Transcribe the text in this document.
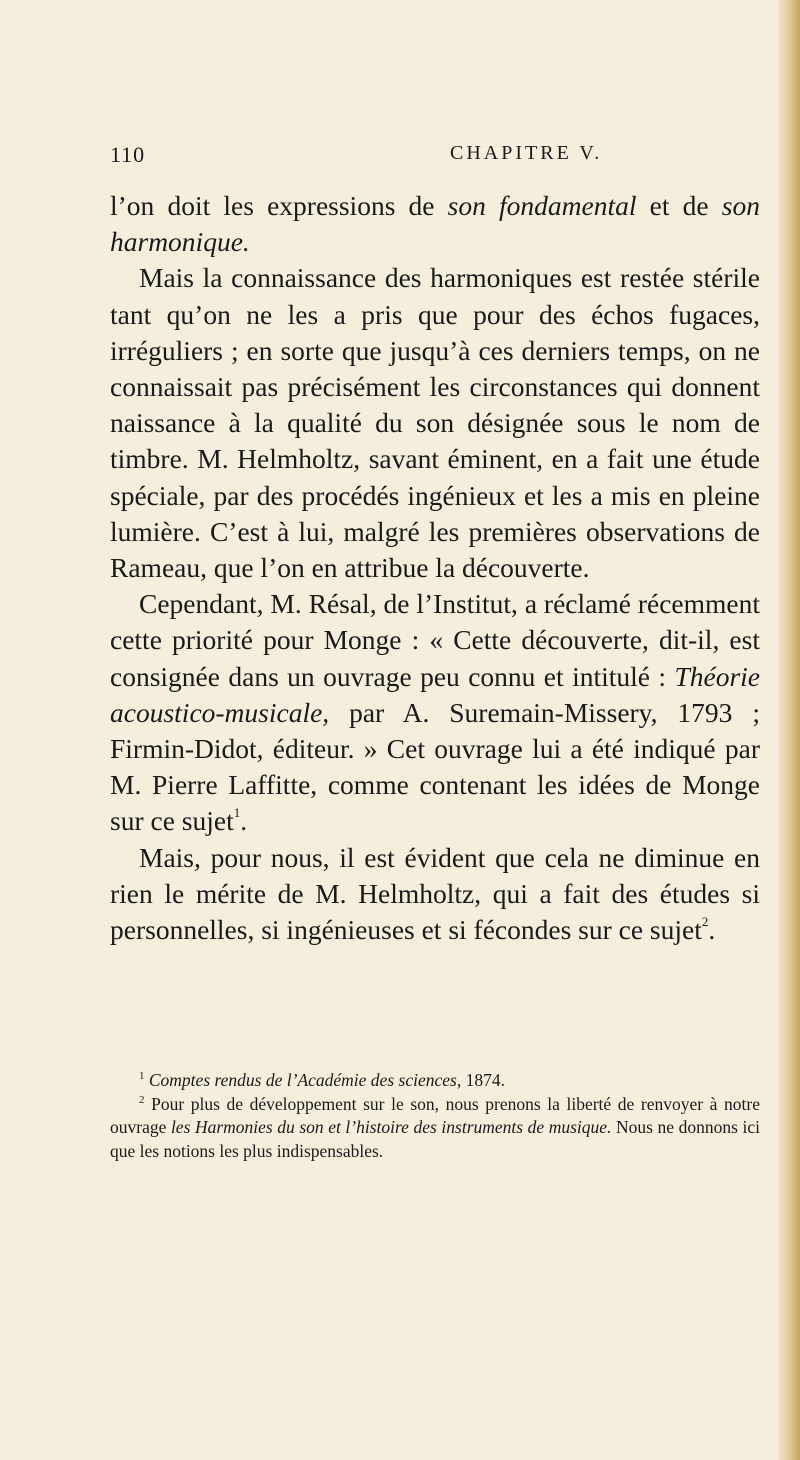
110	CHAPITRE V.

l’on doit les expressions de son fondamental et de son harmonique.

Mais la connaissance des harmoniques est restée stérile tant qu’on ne les a pris que pour des échos fugaces, irréguliers ; en sorte que jusqu’à ces derniers temps, on ne connaissait pas précisément les circonstances qui donnent naissance à la qualité du son désignée sous le nom de timbre. M. Helmholtz, savant éminent, en a fait une étude spéciale, par des procédés ingénieux et les a mis en pleine lumière. C’est à lui, malgré les premières observations de Rameau, que l’on en attribue la découverte.

Cependant, M. Résal, de l’Institut, a réclamé récemment cette priorité pour Monge : « Cette découverte, dit-il, est consignée dans un ouvrage peu connu et intitulé : Théorie acoustico-musicale, par A. Suremain-Missery, 1793 ; Firmin-Didot, éditeur. » Cet ouvrage lui a été indiqué par M. Pierre Laffitte, comme contenant les idées de Monge sur ce sujet$^1$.

Mais, pour nous, il est évident que cela ne diminue en rien le mérite de M. Helmholtz, qui a fait des études si personnelles, si ingénieuses et si fécondes sur ce sujet$^2$.

$^1$ Comptes rendus de l’Académie des sciences, 1874.

$^2$ Pour plus de développement sur le son, nous prenons la liberté de renvoyer à notre ouvrage les Harmonies du son et l’histoire des instruments de musique. Nous ne donnons ici que les notions les plus indispensables.
